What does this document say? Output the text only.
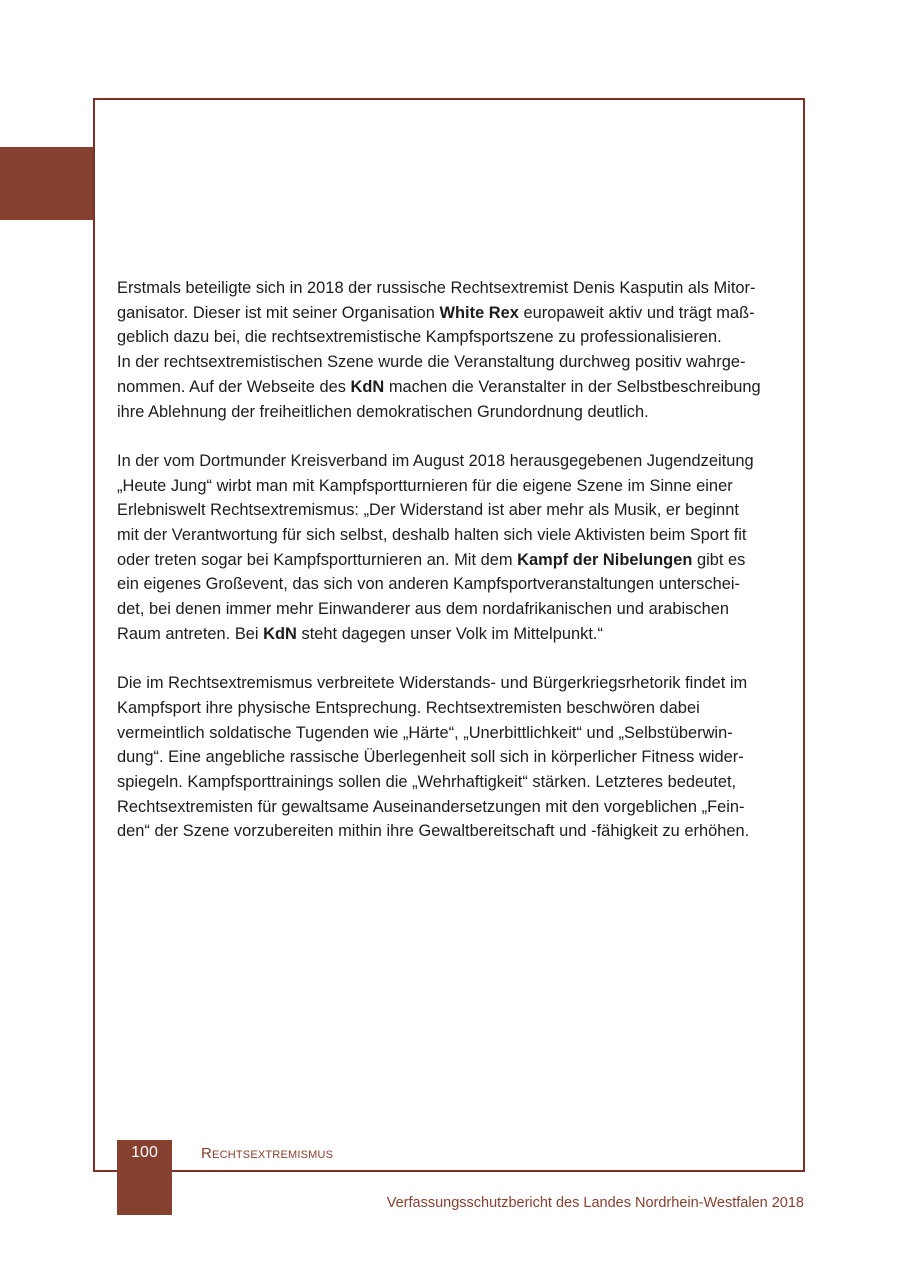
Erstmals beteiligte sich in 2018 der russische Rechtsextremist Denis Kasputin als Mitor-
ganisator. Dieser ist mit seiner Organisation White Rex europaweit aktiv und trägt maß-
geblich dazu bei, die rechtsextremistische Kampfsportszene zu professionalisieren.
In der rechtsextremistischen Szene wurde die Veranstaltung durchweg positiv wahrge-
nommen. Auf der Webseite des KdN machen die Veranstalter in der Selbstbeschreibung
ihre Ablehnung der freiheitlichen demokratischen Grundordnung deutlich.

In der vom Dortmunder Kreisverband im August 2018 herausgegebenen Jugendzeitung
„Heute Jung“ wirbt man mit Kampfsportturnieren für die eigene Szene im Sinne einer
Erlebniswelt Rechtsextremismus: „Der Widerstand ist aber mehr als Musik, er beginnt
mit der Verantwortung für sich selbst, deshalb halten sich viele Aktivisten beim Sport fit
oder treten sogar bei Kampfsportturnieren an. Mit dem Kampf der Nibelungen gibt es
ein eigenes Großevent, das sich von anderen Kampfsportveranstaltungen unterschei-
det, bei denen immer mehr Einwanderer aus dem nordafrikanischen und arabischen
Raum antreten. Bei KdN steht dagegen unser Volk im Mittelpunkt.“

Die im Rechtsextremismus verbreitete Widerstands- und Bürgerkriegsrhetorik findet im
Kampfsport ihre physische Entsprechung. Rechtsextremisten beschwören dabei
vermeintlich soldatische Tugenden wie „Härte“, „Unerbittlichkeit“ und „Selbstüberwin-
dung“. Eine angebliche rassische Überlegenheit soll sich in körperlicher Fitness wider-
spiegeln. Kampfsporttrainings sollen die „Wehrhaftigkeit“ stärken. Letzteres bedeutet,
Rechtsextremisten für gewaltsame Auseinandersetzungen mit den vorgeblichen „Fein-
den“ der Szene vorzubereiten mithin ihre Gewaltbereitschaft und -fähigkeit zu erhöhen.

100	Rechtsextremismus
Verfassungsschutzbericht des Landes Nordrhein-Westfalen 2018
